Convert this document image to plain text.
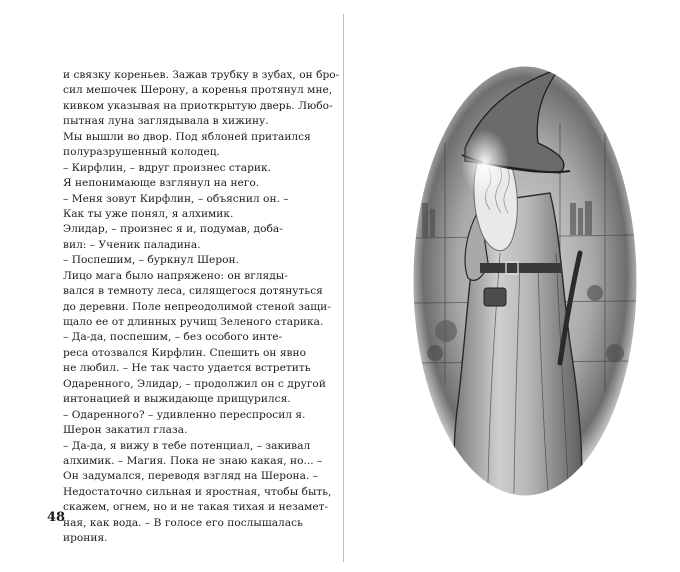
и связку кореньев. Зажав трубку в зубах, он бро-
сил мешочек Шерону, а коренья протянул мне,
кивком указывая на приоткрытую дверь. Любо-
пытная луна заглядывала в хижину.
Мы вышли во двор. Под яблоней притаился
полуразрушенный колодец.
– Кирфлин, – вдруг произнес старик.
Я непонимающе взглянул на него.
– Меня зовут Кирфлин, – объяснил он. –
Как ты уже понял, я алхимик.
Элидар, – произнес я и, подумав, доба-
вил: – Ученик паладина.
– Поспешим, – буркнул Шерон.
Лицо мага было напряжено: он вгляды-
вался в темноту леса, силящегося дотянуться
до деревни. Поле непреодолимой стеной защи-
щало ее от длинных ручищ Зеленого старика.
– Да-да, поспешим, – без особого инте-
реса отозвался Кирфлин. Спешить он явно
не любил. – Не так часто удается встретить
Одаренного, Элидар, – продолжил он с другой
интонацией и выжидающе прищурился.
– Одаренного? – удивленно переспросил я.
Шерон закатил глаза.
– Да-да, я вижу в тебе потенциал, – закивал
алхимик. – Магия. Пока не знаю какая, но... –
Он задумался, переводя взгляд на Шерона. –
Недостаточно сильная и яростная, чтобы быть,
скажем, огнем, но и не такая тихая и незамет-
ная, как вода. – В голосе его послышалась
ирония.
48
